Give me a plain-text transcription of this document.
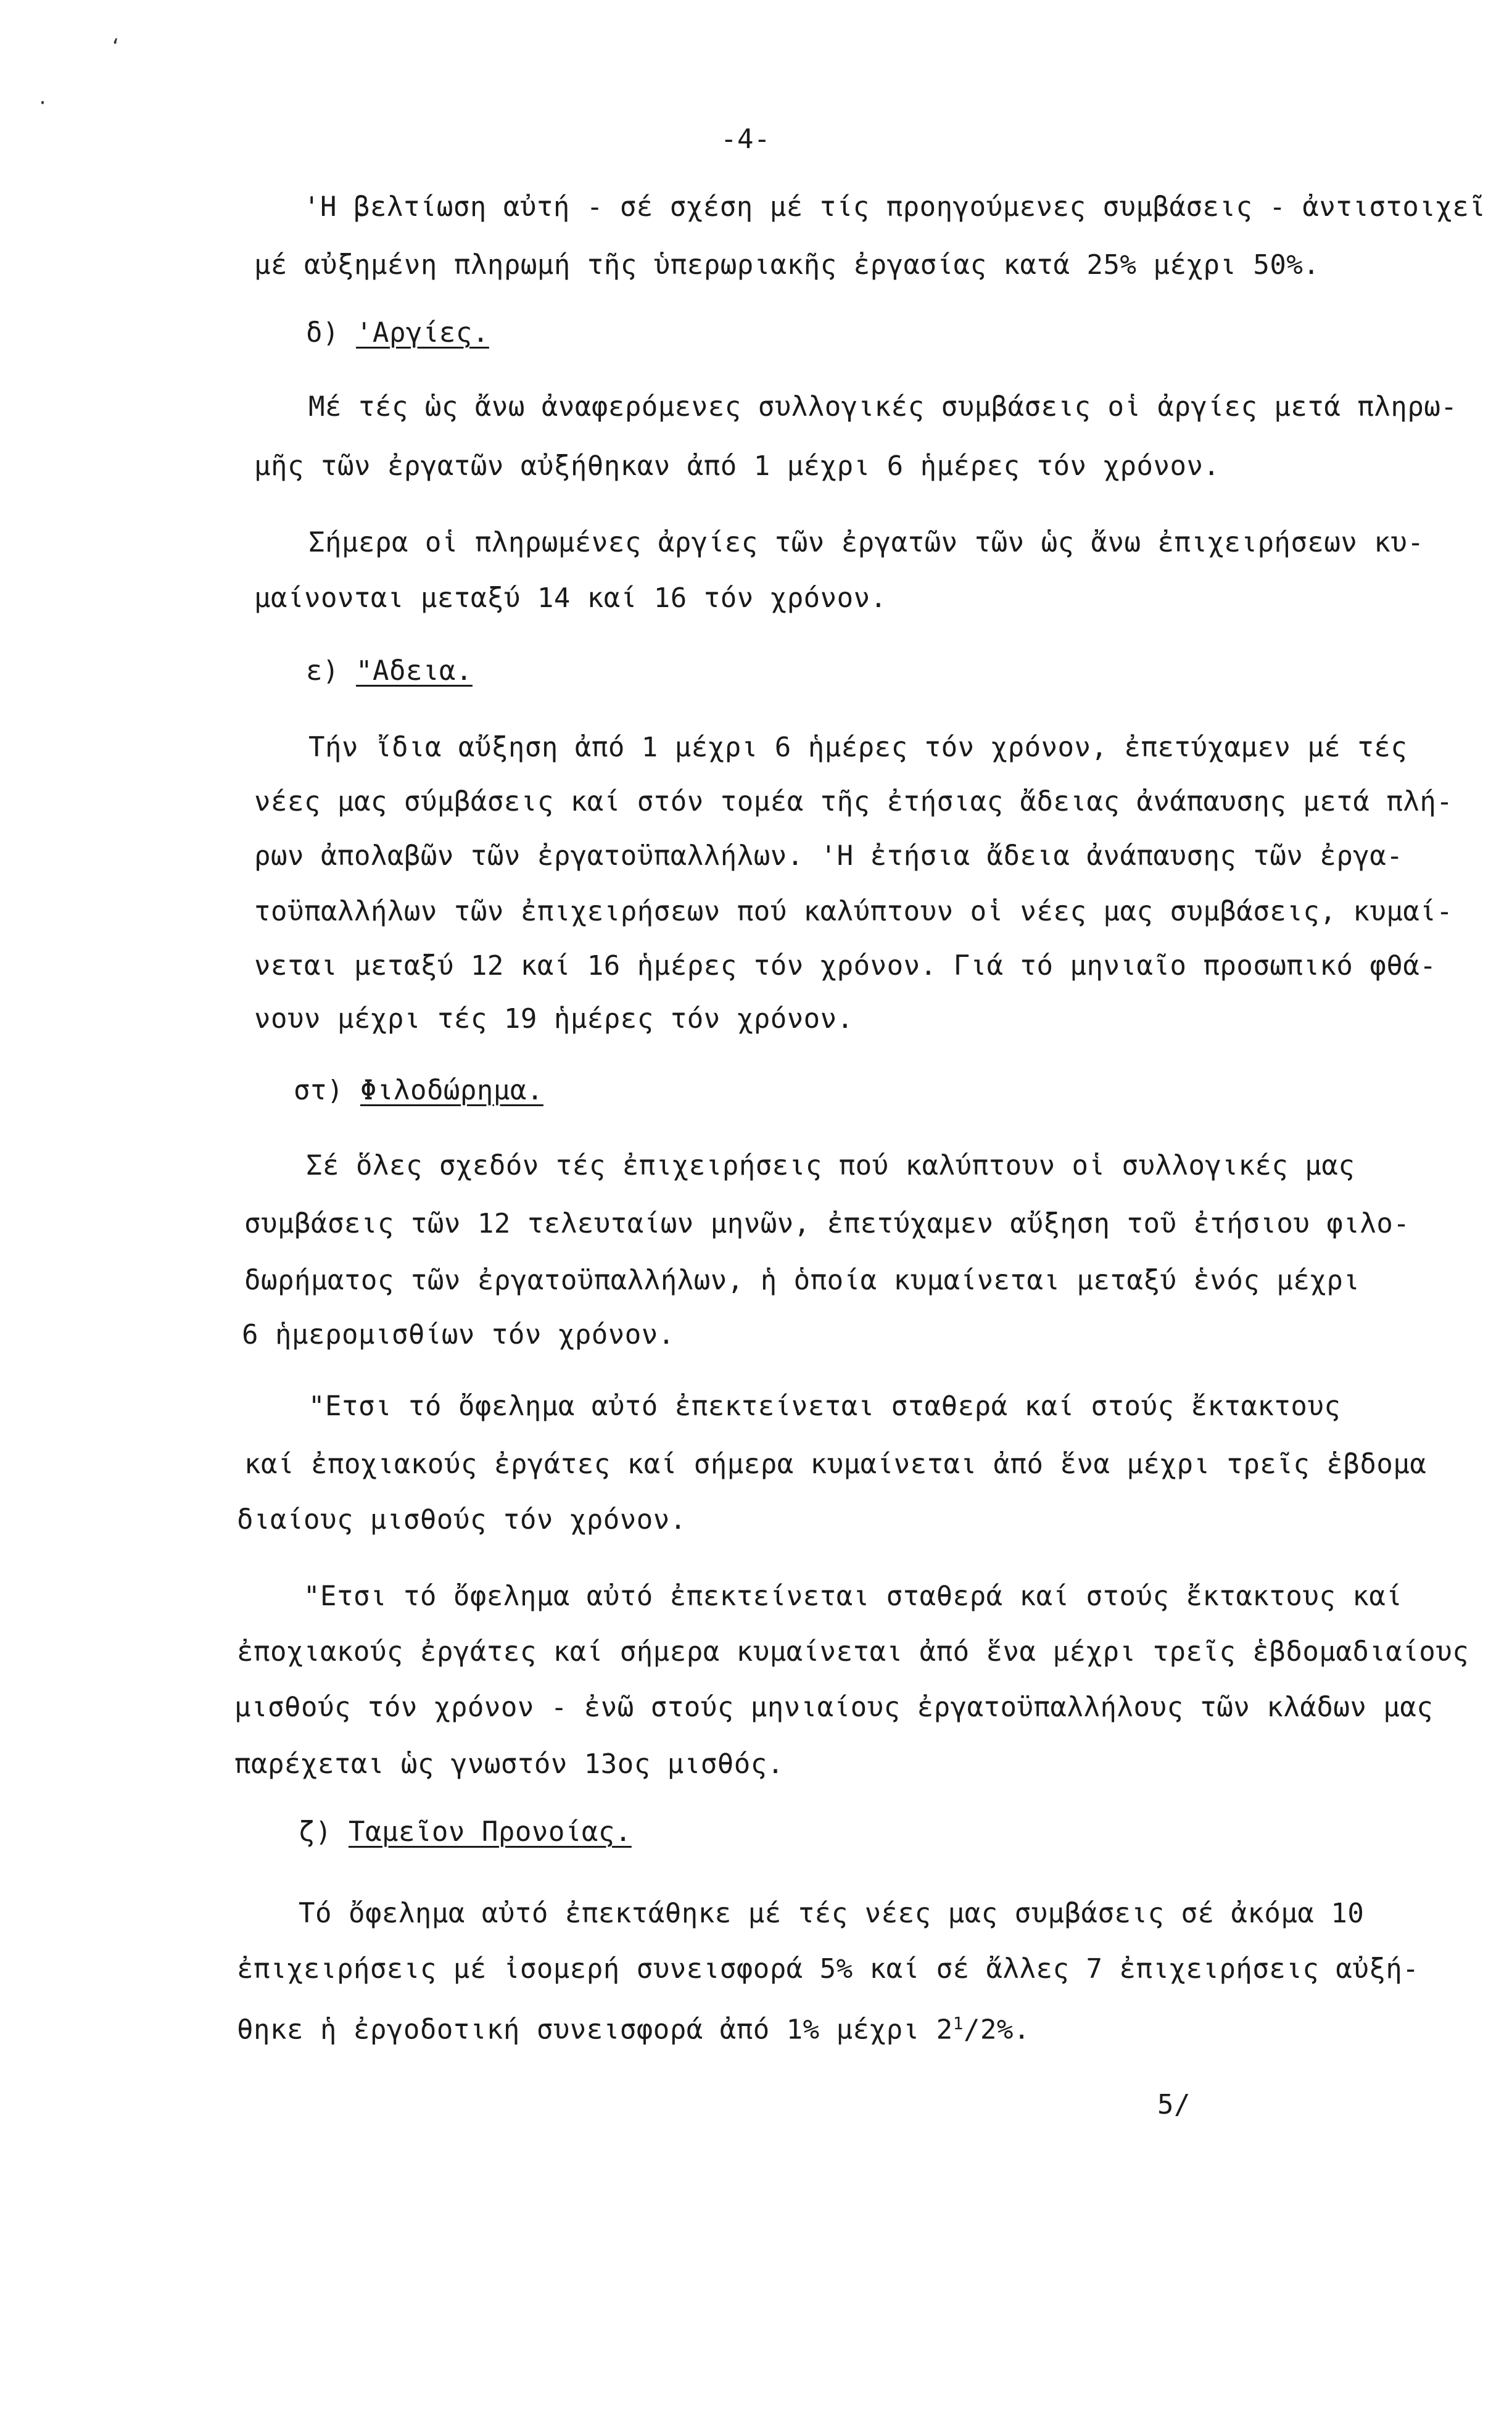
‘
·
-4-
'Η βελτίωση αὐτή - σέ σχέση μέ τίς προηγούμενες συμβάσεις - ἀντιστοιχεῖ
μέ αὐξημένη πληρωμή τῆς ὑπερωριακῆς ἐργασίας κατά 25% μέχρι 50%.
δ) 'Αργίες.
Μέ τές ὡς ἄνω ἀναφερόμενες συλλογικές συμβάσεις οἱ ἀργίες μετά πληρω-
μῆς τῶν ἐργατῶν αὐξήθηκαν ἀπό 1 μέχρι 6 ἡμέρες τόν χρόνον.
Σήμερα οἱ πληρωμένες ἀργίες τῶν ἐργατῶν τῶν ὡς ἄνω ἐπιχειρήσεων κυ-
μαίνονται μεταξύ 14 καί 16 τόν χρόνον.
ε) "Αδεια.
Τήν ἴδια αὔξηση ἀπό 1 μέχρι 6 ἡμέρες τόν χρόνον, ἐπετύχαμεν μέ τές
νέες μας σύμβάσεις καί στόν τομέα τῆς ἐτήσιας ἄδειας ἀνάπαυσης μετά πλή-
ρων ἀπολαβῶν τῶν ἐργατοϋπαλλήλων. 'Η ἐτήσια ἄδεια ἀνάπαυσης τῶν ἐργα-
τοϋπαλλήλων τῶν ἐπιχειρήσεων πού καλύπτουν οἱ νέες μας συμβάσεις, κυμαί-
νεται μεταξύ 12 καί 16 ἡμέρες τόν χρόνον. Γιά τό μηνιαῖο προσωπικό φθά-
νουν μέχρι τές 19 ἡμέρες τόν χρόνον.
στ) Φιλοδώρημα.
Σέ ὅλες σχεδόν τές ἐπιχειρήσεις πού καλύπτουν οἱ συλλογικές μας
συμβάσεις τῶν 12 τελευταίων μηνῶν, ἐπετύχαμεν αὔξηση τοῦ ἐτήσιου φιλο-
δωρήματος τῶν ἐργατοϋπαλλήλων, ἡ ὁποία κυμαίνεται μεταξύ ἑνός μέχρι
6 ἡμερομισθίων τόν χρόνον.
"Ετσι τό ὄφελημα αὐτό ἐπεκτείνεται σταθερά καί στούς ἔκτακτους
καί ἐποχιακούς ἐργάτες καί σήμερα κυμαίνεται ἀπό ἕνα μέχρι τρεῖς ἑβδομα
διαίους μισθούς τόν χρόνον.
"Ετσι τό ὄφελημα αὐτό ἐπεκτείνεται σταθερά καί στούς ἔκτακτους καί
ἐποχιακούς ἐργάτες καί σήμερα κυμαίνεται ἀπό ἕνα μέχρι τρεῖς ἑβδομαδιαίους
μισθούς τόν χρόνον - ἐνῶ στούς μηνιαίους ἐργατοϋπαλλήλους τῶν κλάδων μας
παρέχεται ὡς γνωστόν 13ος μισθός.
ζ) Ταμεῖον Προνοίας.
Τό ὄφελημα αὐτό ἐπεκτάθηκε μέ τές νέες μας συμβάσεις σέ ἀκόμα 10
ἐπιχειρήσεις μέ ἰσομερή συνεισφορά 5% καί σέ ἄλλες 7 ἐπιχειρήσεις αὐξή-
θηκε ἡ ἐργοδοτική συνεισφορά ἀπό 1% μέχρι $2^1/2\%$.
5/
